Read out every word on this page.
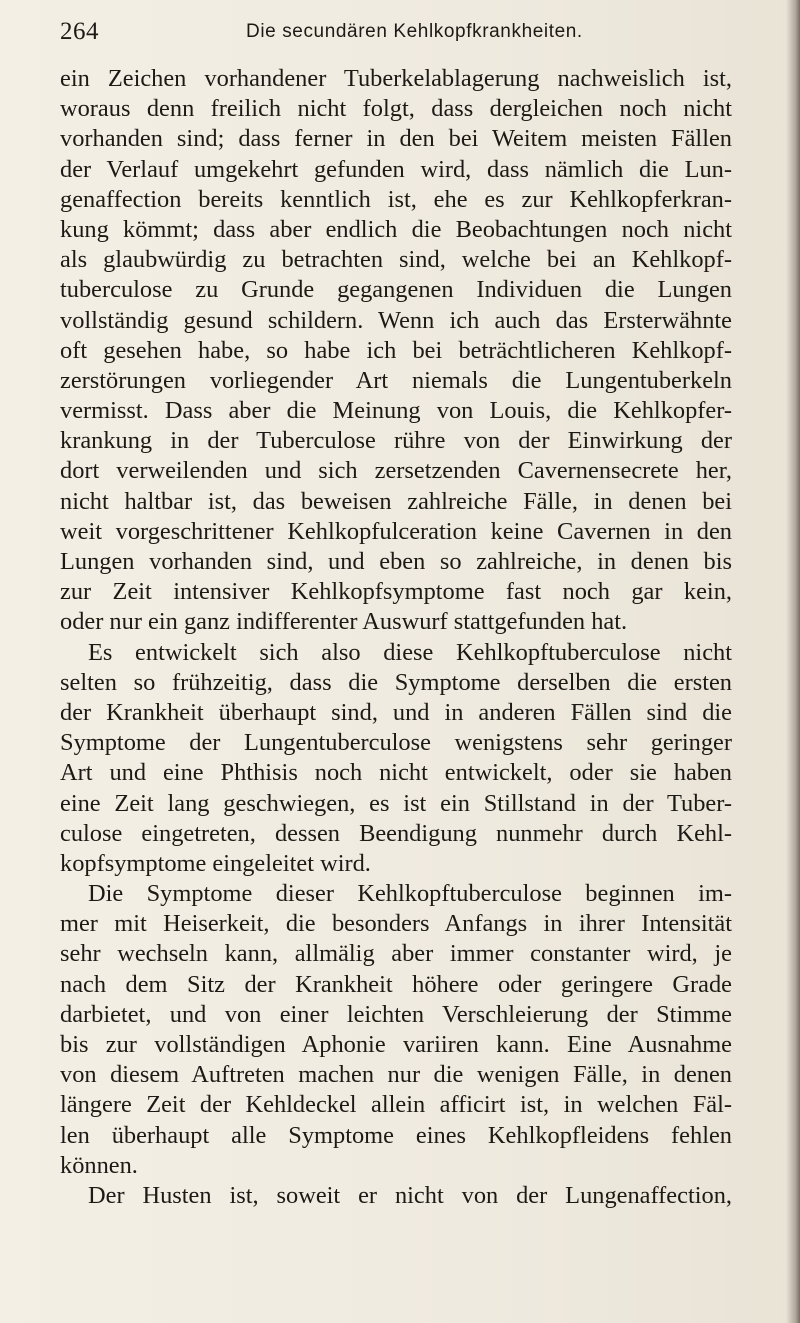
264	Die secundären Kehlkopfkrankheiten.
ein Zeichen vorhandener Tuberkelablagerung nachweislich ist,
woraus denn freilich nicht folgt, dass dergleichen noch nicht
vorhanden sind; dass ferner in den bei Weitem meisten Fällen
der Verlauf umgekehrt gefunden wird, dass nämlich die Lun-
genaffection bereits kenntlich ist, ehe es zur Kehlkopferkran-
kung kömmt; dass aber endlich die Beobachtungen noch nicht
als glaubwürdig zu betrachten sind, welche bei an Kehlkopf-
tuberculose zu Grunde gegangenen Individuen die Lungen
vollständig gesund schildern. Wenn ich auch das Ersterwähnte
oft gesehen habe, so habe ich bei beträchtlicheren Kehlkopf-
zerstörungen vorliegender Art niemals die Lungentuberkeln
vermisst. Dass aber die Meinung von Louis, die Kehlkopfer-
krankung in der Tuberculose rühre von der Einwirkung der
dort verweilenden und sich zersetzenden Cavernensecrete her,
nicht haltbar ist, das beweisen zahlreiche Fälle, in denen bei
weit vorgeschrittener Kehlkopfulceration keine Cavernen in den
Lungen vorhanden sind, und eben so zahlreiche, in denen bis
zur Zeit intensiver Kehlkopfsymptome fast noch gar kein,
oder nur ein ganz indifferenter Auswurf stattgefunden hat.
Es entwickelt sich also diese Kehlkopftuberculose nicht
selten so frühzeitig, dass die Symptome derselben die ersten
der Krankheit überhaupt sind, und in anderen Fällen sind die
Symptome der Lungentuberculose wenigstens sehr geringer
Art und eine Phthisis noch nicht entwickelt, oder sie haben
eine Zeit lang geschwiegen, es ist ein Stillstand in der Tuber-
culose eingetreten, dessen Beendigung nunmehr durch Kehl-
kopfsymptome eingeleitet wird.
Die Symptome dieser Kehlkopftuberculose beginnen im-
mer mit Heiserkeit, die besonders Anfangs in ihrer Intensität
sehr wechseln kann, allmälig aber immer constanter wird, je
nach dem Sitz der Krankheit höhere oder geringere Grade
darbietet, und von einer leichten Verschleierung der Stimme
bis zur vollständigen Aphonie variiren kann. Eine Ausnahme
von diesem Auftreten machen nur die wenigen Fälle, in denen
längere Zeit der Kehldeckel allein afficirt ist, in welchen Fäl-
len überhaupt alle Symptome eines Kehlkopfleidens fehlen
können.
Der Husten ist, soweit er nicht von der Lungenaffection,
